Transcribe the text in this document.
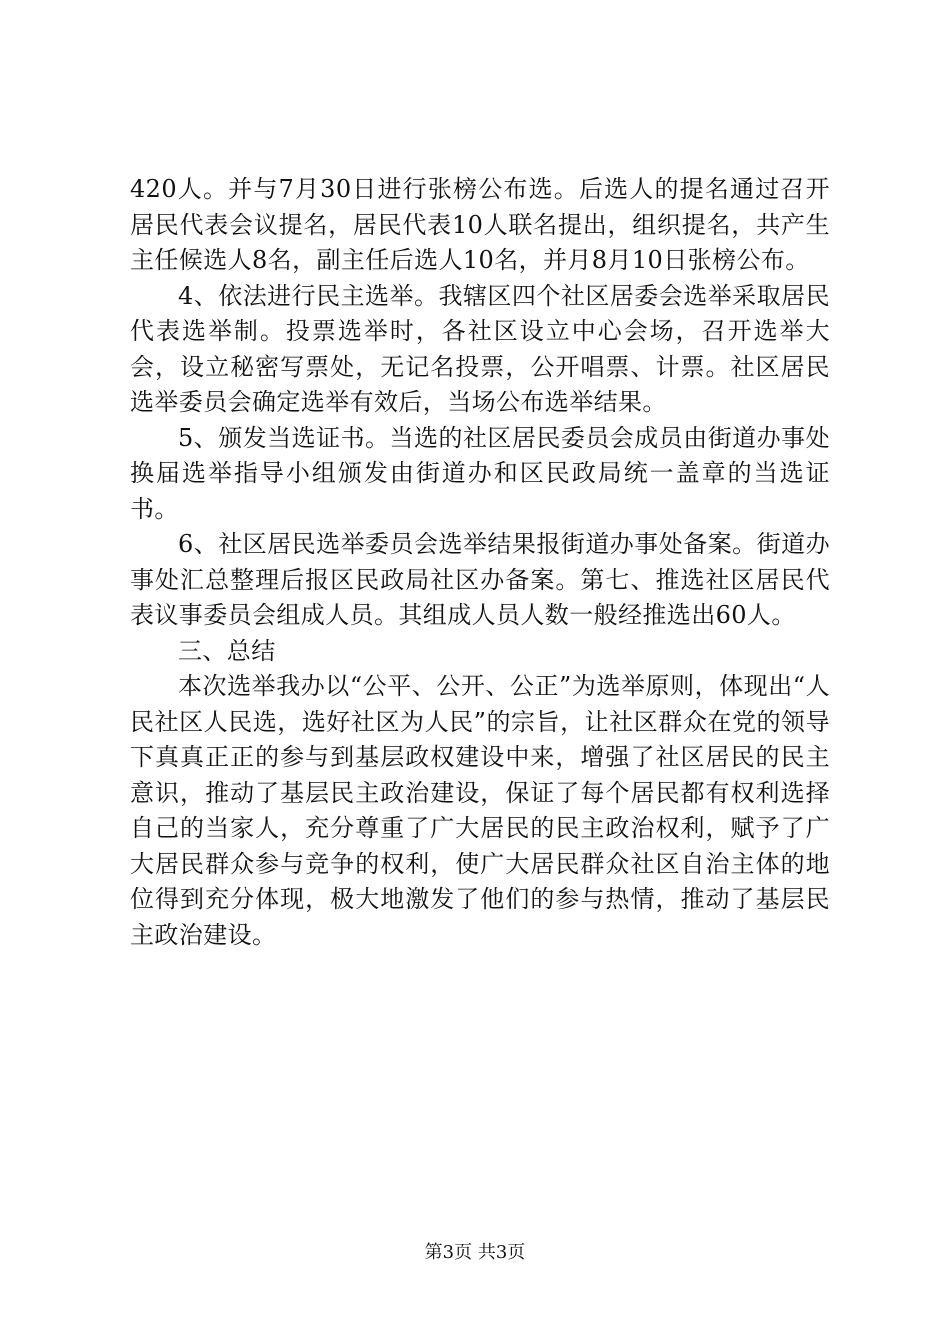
420人。并与7月30日进行张榜公布选。后选人的提名通过召开居民代表会议提名，居民代表10人联名提出，组织提名，共产生主任候选人8名，副主任后选人10名，并月8月10日张榜公布。

4、依法进行民主选举。我辖区四个社区居委会选举采取居民代表选举制。投票选举时，各社区设立中心会场，召开选举大会，设立秘密写票处，无记名投票，公开唱票、计票。社区居民选举委员会确定选举有效后，当场公布选举结果。

5、颁发当选证书。当选的社区居民委员会成员由街道办事处换届选举指导小组颁发由街道办和区民政局统一盖章的当选证书。

6、社区居民选举委员会选举结果报街道办事处备案。街道办事处汇总整理后报区民政局社区办备案。第七、推选社区居民代表议事委员会组成人员。其组成人员人数一般经推选出60人。

三、总结

本次选举我办以“公平、公开、公正”为选举原则，体现出“人民社区人民选，选好社区为人民”的宗旨，让社区群众在党的领导下真真正正的参与到基层政权建设中来，增强了社区居民的民主意识，推动了基层民主政治建设，保证了每个居民都有权利选择自己的当家人，充分尊重了广大居民的民主政治权利，赋予了广大居民群众参与竞争的权利，使广大居民群众社区自治主体的地位得到充分体现，极大地激发了他们的参与热情，推动了基层民主政治建设。

第3页 共3页
